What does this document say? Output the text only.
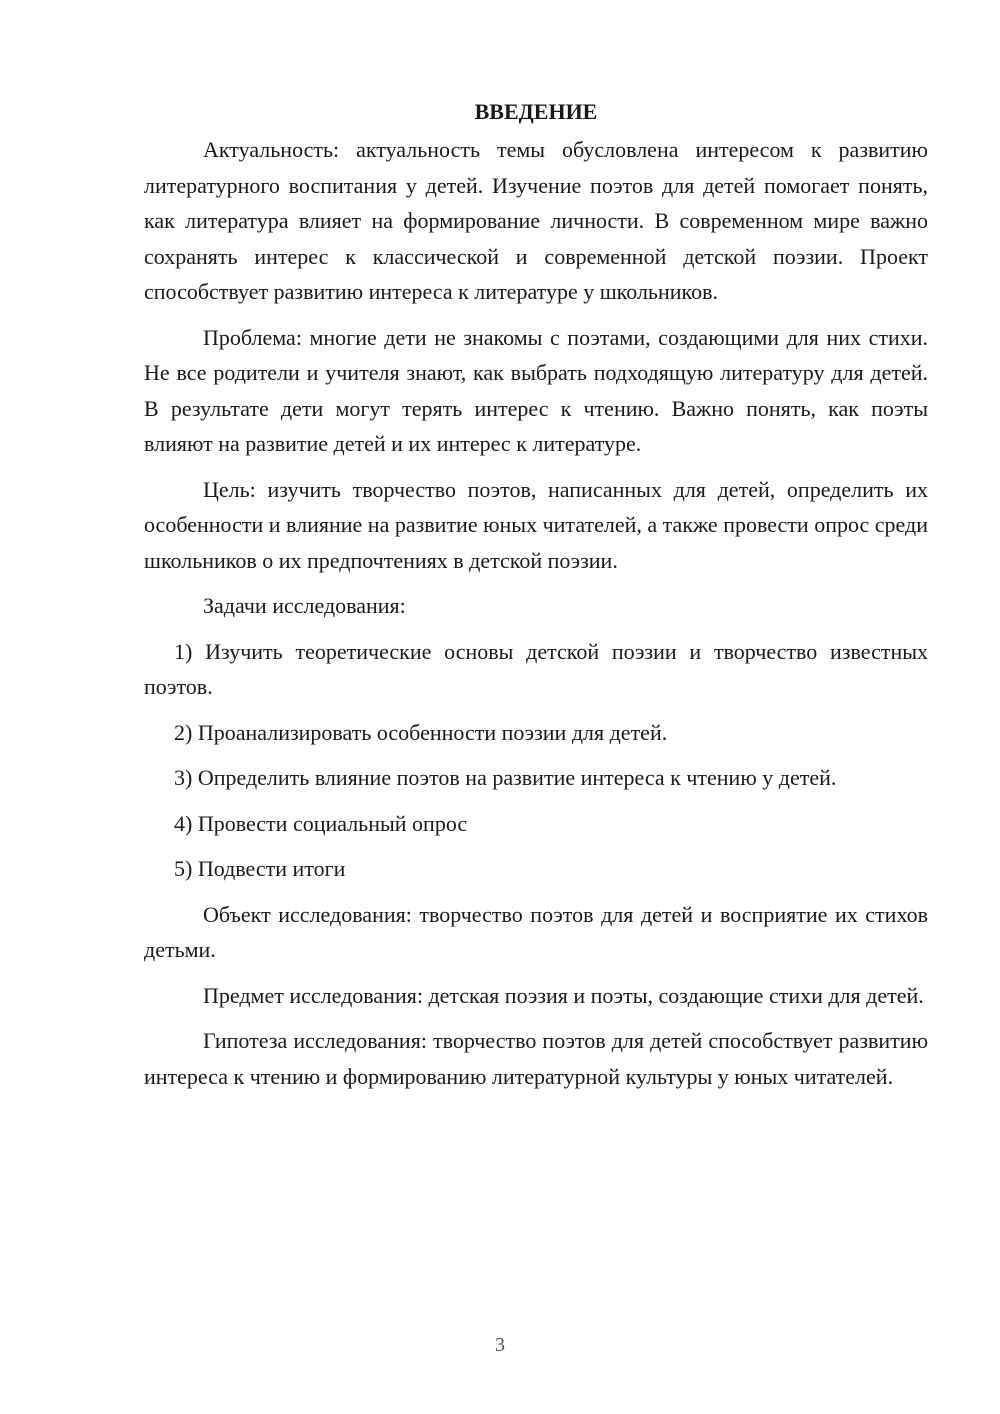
ВВЕДЕНИЕ

Актуальность: актуальность темы обусловлена интересом к развитию литературного воспитания у детей. Изучение поэтов для детей помогает понять, как литература влияет на формирование личности. В современном мире важно сохранять интерес к классической и современной детской поэзии. Проект способствует развитию интереса к литературе у школьников.

Проблема: многие дети не знакомы с поэтами, создающими для них стихи. Не все родители и учителя знают, как выбрать подходящую литературу для детей. В результате дети могут терять интерес к чтению. Важно понять, как поэты влияют на развитие детей и их интерес к литературе.

Цель: изучить творчество поэтов, написанных для детей, определить их особенности и влияние на развитие юных читателей, а также провести опрос среди школьников о их предпочтениях в детской поэзии.

Задачи исследования:

1) Изучить теоретические основы детской поэзии и творчество известных поэтов.

2) Проанализировать особенности поэзии для детей.

3) Определить влияние поэтов на развитие интереса к чтению у детей.

4) Провести социальный опрос

5) Подвести итоги

Объект исследования: творчество поэтов для детей и восприятие их стихов детьми.

Предмет исследования: детская поэзия и поэты, создающие стихи для детей.

Гипотеза исследования: творчество поэтов для детей способствует развитию интереса к чтению и формированию литературной культуры у юных читателей.

3
